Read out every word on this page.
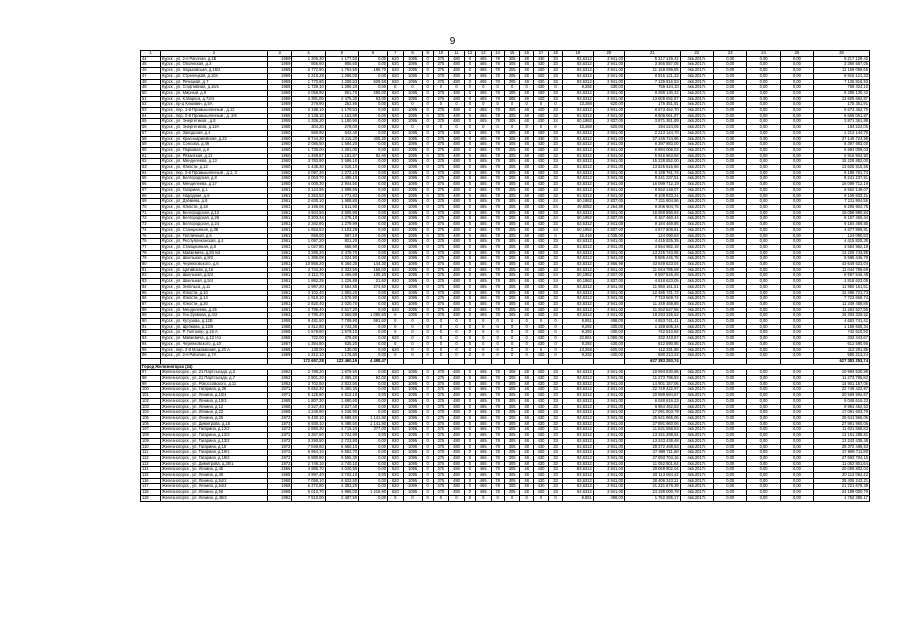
9
1	2	3	4	5	6	7	8	9	10	11	12	13	14	15	16	17	18	19	20	21	22	23	24	25	26
44	Курск , ул. 2-я Рабочая, д.1Б	1959	1 206,30	1 177,50	0,00	620	1095	0	375	480	0	465	78	305	48	430	33	83,6312	3 941,00	5 217 129,42	4кв.2017г.	0,00	0,00	0,00	5 217 129,42
45	Курск , ул. Обоянская, д.3	1959	855,60	855,60	0,00	620	1095	0	375	480	0	465	78	305	48	430	33	83,6312	3 941,00	3 366 557,05	4кв.2017г.	0,00	0,00	0,00	3 366 557,05
46	Курск , ул. Харьковская, д.15/2	1959	2 772,90	1 763,50	189,70	620	1095	0	375	480	0	465	78	305	48	430	33	83,6312	3 941,00	11 159 099,65	4кв.2017г.	0,00	0,00	0,00	11 159 099,65
47	Курск , ул. Стрелецкая, д.104	1959	2 216,28	1 286,00	0,00	620	1095	0	375	480	0	465	78	305	48	430	33	83,6312	3 941,00	8 915 121,33	4кв.2017г.	0,00	0,00	0,00	8 915 121,33
48	Курск , ул. Речицкая, д.7	1959	1 770,80	1 208,53	529,68	620	1095	0	375	480	0	465	78	305	48	430	33	83,6312	3 941,00	7 125 816,53	4кв.2017г.	0,00	0,00	0,00	7 125 816,53
49	Курск , ул. Спортивная, д.16/1	1959	1 729,10	1 296,20	0,00	0	0	0	0	0	0	0	0	0	0	430	0	9,292	430,00	759 424,10	4кв.2017г.	0,00	0,00	0,00	759 424,10
50	Курск , ул. Мирный, д.9	1959	2 059,90	861,70	285,00	620	1095	0	375	480	0	465	78	305	48	430	33	83,6312	3 941,00	8 289 130,42	4кв.2017г.	0,00	0,00	0,00	8 289 130,42
51	Курск , ул. К.Маркса, д.72/4	1958	3 381,00	2 475,30	63,00	620	1095	0	375	480	0	465	78	305	48	430	33	83,6312	3 941,00	13 609 692,87	4кв.2017г.	0,00	0,00	0,00	13 609 692,87
52	Курск , пр-д Клюквин, д.5А	1959	276,90	252,90	0,00	620	0	0	0	0	0	0	0	0	0	0	0	13,268	620,00	175 351,91	4кв.2017г.	0,00	0,00	0,00	175 351,91
53	Курск , пер. 1-й Промышленный , д.12	1958	2 199,10	1 179,53	0,00	620	1095	0	375	480	0	465	78	305	48	430	33	83,6312	3 941,00	8 673 462,70	4кв.2017г.	0,00	0,00	0,00	8 673 462,70
54	Курск , пер. 2-й Промышленный , д. 2/6	1958	2 138,10	1 162,90	0,00	620	1095	0	375	480	0	465	78	305	48	430	33	83,6312	3 941,00	8 606 061,87	4кв.2017г.	0,00	0,00	0,00	8 606 061,87
55	Курск , ул. Энергетиков , д.8	1959	1 336,20	1 180,90	0,00	620	1095	0	375	480	0	465	78	305	48	430	24	60,1962	2 837,00	3 871 361,89	4кв.2017г.	0,00	0,00	0,00	3 871 361,89
56	Курск , ул. Энергетиков, д.12А	1958	304,20	278,00	0,00	620	0	0	0	0	0	0	0	0	0	0	0	13,268	620,00	194 224,05	4кв.2017г.	0,00	0,00	0,00	194 224,05
57	Курск , ул. Заводская, д.4	1960	569,90	542,40	0,00	620	1095	0	375	480	0	465	78	305	48	430	33	83,6312	3 941,00	2 213 144,70	4кв.2017г.	0,00	0,00	0,00	2 213 144,70
58	Курск , ул. Красноармейская, д.22	1960	6 744,30	6 115,20	408,20	620	1095	0	375	480	0	465	78	305	48	430	33	83,6312	3 941,00	27 145 724,96	4кв.2017г.	0,00	0,00	0,00	27 145 724,96
59	Курск , ул. Сонсова, д.48	1960	2 086,50	1 584,20	0,00	620	1095	0	375	480	0	465	78	305	48	430	33	83,6312	3 941,00	8 397 983,00	4кв.2017г.	0,00	0,00	0,00	8 397 983,00
60	Курск , ул. Парковая, д.8	1960	1 739,00	1 291,00	0,00	620	1095	0	375	480	0	465	78	305	48	430	33	83,6312	3 941,00	6 994 009,03	4кв.2017г.	0,00	0,00	0,00	6 994 009,03
61	Курск , ул. Рязанская, д.11	1960	1 469,87	1 181,57	82,40	620	1095	0	375	480	0	465	78	305	48	430	33	83,6312	3 941,00	5 915 963,92	4кв.2017г.	0,00	0,00	0,00	5 915 963,92
62	Курск , ул. Менделеева, д.13	1960	3 783,90	2 596,10	0,00	620	1095	0	375	480	0	465	78	305	48	430	33	83,6312	3 941,00	15 228 852,00	4кв.2017г.	0,00	0,00	0,00	15 228 852,00
63	Курск , ул. Юности, д.12	1960	1 435,30	1 016,10	0,00	620	1095	0	375	480	0	465	78	305	48	430	33	83,6312	3 941,00	13 825 815,56	4кв.2017г.	0,00	0,00	0,00	13 825 815,56
64	Курск , пер. 2-й Промышленный , д.1, 3	1960	2 097,30	1 272,10	0,00	620	1095	0	375	480	0	465	78	305	48	430	33	83,6312	3 941,00	8 189 761,74	4кв.2017г.	0,00	0,00	0,00	8 189 761,74
65	Курск , ул. Белгородская, д.8	1960	2 063,70	1 498,10	0,00	620	1095	0	375	480	0	465	78	305	48	430	33	83,6312	3 941,00	8 241 237,51	4кв.2017г.	0,00	0,00	0,00	8 241 237,51
66	Курск , ул. Менделеева, д.17	1960	4 008,30	2 944,50	0,00	620	1095	0	375	480	0	465	78	305	48	430	33	83,6312	3 941,00	16 099 712,19	4кв.2017г.	0,00	0,00	0,00	16 099 712,19
67	Курск , ул. Гагарина, д.1	1961	2 124,95	1 999,65	0,00	620	1095	0	375	480	0	465	78	305	48	430	33	83,6312	3 941,00	8 552 149,07	4кв.2017г.	0,00	0,00	0,00	8 552 149,07
68	Курск , ул. Народная, д.6	1961	2 263,52	1 771,82	0,00	620	1095	0	375	480	0	465	78	305	48	430	33	83,6312	3 941,00	9 109 833,21	4кв.2017г.	0,00	0,00	0,00	9 109 833,21
69	Курск , ул. Дзёмина, д.8	1961	2 630,10	1 588,80	0,00	620	1095	0	375	480	0	465	78	305	48	430	24	60,1962	2 837,00	7 211 904,56	4кв.2017г.	0,00	0,00	0,00	7 211 904,56
70	Курск , ул. Юности, д.18	1961	2 195,06	1 511,90	0,00	620	1095	0	375	480	0	465	78	305	48	430	24	49,6082	2 254,89	9 206 904,75	4кв.2017г.	0,00	0,00	0,00	9 206 904,75
71	Курск , ул. Белгородская, д.13	1961	4 504,50	3 505,80	0,00	620	1095	0	375	480	0	465	78	305	48	430	33	83,6312	3 941,00	18 059 890,84	4кв.2017г.	0,00	0,00	0,00	18 059 890,84
72	Курск , ул. Белгородская, д.28	1961	2 203,34	1 275,18	0,00	620	1095	0	375	480	0	465	78	305	48	430	24	60,1962	2 837,00	6 167 460,44	4кв.2017г.	0,00	0,00	0,00	6 167 460,44
73	Курск , ул. Белгородская, д.24	1961	2 282,80	1 279,99	0,00	620	1095	0	375	480	0	465	78	305	48	430	33	83,6312	3 941,00	9 184 469,85	4кв.2017г.	0,00	0,00	0,00	9 184 469,85
74	Курск , ул. Станционная, д.38	1961	1 653,63	1 103,28	0,00	620	1095	0	375	480	0	465	78	305	48	430	24	60,1962	2 837,00	4 677 808,81	4кв.2017г.	0,00	0,00	0,00	4 677 808,81
75	Курск , ул. Тепличный, д.5	1961	659,00	687,10	0,00	620	1095	0	375	480	0	465	78	305	48	430	0	16,416	1 035,00	124 090,83	4кв.2017г.	0,00	0,00	0,00	124 090,83
76	Курск , ул. Республиканская, д.4	1961	1 097,20	821,20	0,00	620	1095	0	375	480	0	465	78	305	48	430	33	83,6312	3 941,00	4 415 825,35	4кв.2017г.	0,00	0,00	0,00	4 415 825,35
77	Курск , ул. Станционная, д.8	1961	1 027,80	658,90	0,00	620	1095	0	375	480	0	465	78	305	48	430	33	83,6312	3 941,00	3 554 982,19	4кв.2017г.	0,00	0,00	0,00	3 554 982,19
78	Курск , ул. Майкевича, д.83 /к2	1961	3 285,20	2 478,70	0,00	620	1095	0	375	480	0	465	78	305	48	430	33	83,6312	3 941,00	13 225 743,85	4кв.2017г.	0,00	0,00	0,00	13 225 743,85
79	Курск , ул. Шкельная, д.8/2	1961	1 386,08	1 024,90	0,00	620	1095	0	375	480	0	465	78	305	48	430	33	83,6312	3 941,00	5 585 446,78	4кв.2017г.	0,00	0,00	0,00	5 585 446,78
80	Курск , ул. Черняховского, д.6	1961	10 865,20	8 360,30	144,30	620	1095	0	375	480	0	465	78	305	48	430	33	83,6312	3 956,96	43 649 623,04	4кв.2017г.	0,00	0,00	0,00	43 649 623,04
81	Курск , ул. Цатийская, д.16	1961	2 744,30	2 323,50	156,00	620	1095	0	375	480	0	465	78	305	48	430	33	83,6312	3 941,00	11 044 785,69	4кв.2017г.	0,00	0,00	0,00	11 044 785,69
82	Курск , ул. Шкельная, д.5/3	1961	3 112,70	2 465,68	100,20	620	1095	0	375	480	0	465	78	305	48	430	24	60,1962	2 837,00	8 597 546,48	4кв.2017г.	0,00	0,00	0,00	8 597 546,48
83	Курск , ул. Шкельная, д.5/4	1961	1 862,25	1 226,88	21,60	620	1095	0	375	480	0	465	78	305	48	430	24	60,1962	2 837,00	4 818 623,05	4кв.2017г.	0,00	0,00	0,00	4 818 623,05
84	Курск , ул. Энгельса, д.11	1961	2 997,20	2 554,85	274,50	620	1095	0	375	480	0	465	78	305	48	430	33	83,6312	3 941,00	11 950 161,51	4кв.2017г.	0,00	0,00	0,00	11 950 161,51
85	Курск , ул. Юности, д.10	1961	3 102,40	1 853,20	0,00	620	1095	0	375	480	0	465	78	305	48	430	33	83,6312	3 941,00	12 485 721,73	4кв.2017г.	0,00	0,00	0,00	12 485 721,73
86	Курск , ул. Юности, д.14	1961	1 919,10	1 576,80	0,00	620	1095	0	375	480	0	465	78	305	48	430	33	83,6312	3 941,00	7 723 669,74	4кв.2017г.	0,00	0,00	0,00	7 723 669,74
87	Курск , ул. Юности, д.20	1961	2 820,40	2 020,70	0,00	620	1095	0	375	480	0	465	78	305	48	430	33	83,6312	3 941,00	11 349 459,85	4кв.2017г.	0,00	0,00	0,00	11 349 459,85
88	Курск , ул. Менделеева, д.25	1961	2 798,40	2 617,20	0,00	620	1095	0	375	480	0	465	78	305	48	430	33	83,6312	3 941,00	11 262 527,95	4кв.2017г.	0,00	0,00	0,00	11 262 527,95
89	Курск , ул. Ген.Зуевова, д.4/2	1964	4 790,40	3 560,88	1 085,60	0	1095	0	375	480	0	465	78	305	48	430	33	83,6312	3 941,00	19 293 326,52	4кв.2017г.	0,00	0,00	0,00	19 293 326,52
90	Курск , ул. Кутузова, д.12В	1958	9 481,50	7 709,90	691,60	0	0	0	0	0	0	0	0	0	0	0	0	9,651	498,00	4 653 741,41	4кв.2017г.	0,00	0,00	0,00	4 653 741,41
91	Курск , ул. Щепкина, д.12/6	1958	3 312,80	2 743,36	0,00	0	0	0	0	0	0	0	0	0	0	430	0	9,292	430,00	1 159 605,34	4кв.2017г.	0,00	0,00	0,00	1 159 605,34
92	Курск , ул. Р. Голгохер, д.18 А	1958	1 579,80	1 579,10	0,00	0	0	0	0	0	0	0	0	0	0	430	0	9,292	430,00	742 610,92	4кв.2017г.	0,00	0,00	0,00	742 610,92
93	Курск , ул. Майкевича, д.13 /А1	1958	722,00	475,60	0,00	620	0	0	0	0	0	0	0	0	0	430	0	22,561	1 050,00	332 443,67	4кв.2017г.	0,00	0,00	0,00	332 443,67
94	Курск , ул. Черняховского, д.10	1957	1 394,80	625,20	0,00	0	0	0	0	0	0	0	0	0	0	430	0	9,292	430,00	612 590,95	4кв.2017г.	0,00	0,00	0,00	612 590,95
95	Курск , пер. 2-й Можаевский, д.20 А	1958	130,00	130,00	0,00	620	0	0	0	0	0	0	0	0	0	0	0	13,268	620,00	112 291,85	4кв.2017г.	0,00	0,00	0,00	112 291,85
96	Курск , ул. 2-я Рабочая, д.7А	1959	1 312,10	1 176,80	0,00	0	0	0	0	0	0	0	0	0	0	430	0	9,292	430,00	580 213,24	4кв.2017г.	0,00	0,00	0,00	580 213,24
			172 657,28	123 460,16	4 498,47															627 383 253,74					627 383 253,74
Город Железногорск (24)																									
97	Железногорск , ул. 21 Партсъезда, д.3	1962	2 789,20	1 679,50	0,00	620	1095	0	375	480	0	465	78	305	48	430	33	83,6312	3 941,00	10 993 530,95	4кв.2017г.	0,00	0,00	0,00	10 993 530,95
98	Железногорск , ул. 21 Партсъезда, д.7	1962	2 801,20	2 355,20	62,00	620	1095	0	375	480	0	465	78	305	48	430	33	83,6312	3 941,00	11 273 796,82	4кв.2017г.	0,00	0,00	0,00	11 273 796,82
99	Железногорск , ул. Рокоссовского, д.11	1962	3 702,50	2 822,50	0,00	620	1095	0	375	480	0	465	78	305	48	430	33	83,6312	3 941,00	14 901 157,06	4кв.2017г.	0,00	0,00	0,00	14 901 157,06
100	Железногорск , ул. Гагарина, д.38	1971	5 652,30	5 460,30	0,00	620	1095	0	375	480	0	465	78	305	48	430	33	83,6312	3 941,00	22 749 422,97	4кв.2017г.	0,00	0,00	0,00	22 749 422,97
101	Железногорск , ул. Ленина, д.10/4	1971	5 125,80	4 812,10	0,00	620	1095	0	375	480	0	465	78	305	48	430	33	83,6312	3 941,00	20 589 594,67	4кв.2017г.	0,00	0,00	0,00	20 589 594,67
102	Железногорск , ул. Ленина, д.10/2	1968	1 807,30	1 680,60	0,00	620	1095	0	375	480	0	465	78	305	48	430	33	83,6312	3 941,00	6 048 616,23	4кв.2017г.	0,00	0,00	0,00	6 048 616,23
103	Железногорск , ул. Ленина, д.12	1968	2 227,40	2 227,40	0,00	620	1095	0	375	480	0	465	78	305	48	430	33	83,6312	3 941,00	8 964 462,53	4кв.2017г.	0,00	0,00	0,00	8 964 462,53
104	Железногорск , ул. Ленина, д.22	1968	4 246,90	4 246,90	0,00	620	1095	0	375	480	0	465	78	305	48	430	33	83,6312	3 941,00	17 091 603,79	4кв.2017г.	0,00	0,00	0,00	17 091 603,79
105	Железногорск , ул. Ленина, д.25	1973	6 430,10	5 688,50	1 141,90	620	1095	0	375	480	0	465	78	305	48	430	33	83,6312	3 941,00	25 641 965,06	4кв.2017г.	0,00	0,00	0,00	25 641 965,06
106	Железногорск , ул. Димитрова, д.15	1973	6 930,10	5 488,50	1 141,90	620	1095	0	375	480	0	465	78	305	48	430	33	83,6312	3 941,00	27 891 960,06	4кв.2017г.	0,00	0,00	0,00	27 891 960,06
107	Железногорск , ул. Гагарина, д.12/2	1973	2 890,30	2 715,20	377,00	620	1095	0	375	480	0	465	78	305	48	430	33	83,6312	3 941,00	11 631 568,83	4кв.2017г.	0,00	0,00	0,00	11 631 568,83
108	Железногорск , ул. Гагарина, д.12/3	1972	3 267,60	2 724,90	0,00	620	1095	0	375	480	0	465	78	305	48	430	33	83,6312	3 941,00	13 151 288,81	4кв.2017г.	0,00	0,00	0,00	13 151 288,81
109	Железногорск , ул. Гагарина, д.13/2	1972	3 290,50	2 723,80	0,00	620	1095	0	375	480	0	465	78	305	48	430	33	83,6312	3 941,00	13 243 438,48	4кв.2017г.	0,00	0,00	0,00	13 243 438,48
110	Железногорск , ул. Гагарина, д.15	1972	7 049,60	6 660,10	0,00	620	1095	0	375	480	0	465	78	305	48	430	33	83,6312	3 941,00	28 372 488,53	4кв.2017г.	0,00	0,00	0,00	28 372 488,53
111	Железногорск , ул. Гагарина, д.19/1	1972	6 954,10	6 562,70	0,00	620	1095	0	375	480	0	465	78	305	48	430	33	83,6312	3 941,00	27 988 711,80	4кв.2017г.	0,00	0,00	0,00	27 988 711,80
112	Железногорск , ул. Гагарина, д.19/2	1972	6 880,80	6 555,30	0,00	620	1095	0	375	480	0	465	78	305	48	430	33	83,6312	3 941,00	27 693 704,16	4кв.2017г.	0,00	0,00	0,00	27 693 704,16
113	Железногорск , ул. Димитрова, д.26/1	1972	2 746,10	2 740,10	0,00	620	1095	0	375	480	0	465	78	305	48	430	33	83,6312	3 941,00	11 052 801,64	4кв.2017г.	0,00	0,00	0,00	11 052 801,64
114	Железногорск , ул. Ленина, д.45	1966	4 986,70	3 040,90	0,00	620	1095	0	375	480	0	465	78	305	48	430	33	83,6312	3 941,00	20 069 802,04	4кв.2017г.	0,00	0,00	0,00	20 069 802,04
115	Железногорск , ул. Ленина, д.48	1968	4 997,40	3 702,10	0,00	620	1095	0	375	480	0	465	78	305	48	430	33	83,6312	3 941,00	20 113 064,42	4кв.2017г.	0,00	0,00	0,00	20 113 064,42
116	Железногорск , ул. Ленина, д.54/1	1968	7 058,10	6 633,50	0,00	620	1095	0	375	480	0	465	78	305	48	430	33	83,6312	3 941,00	28 406 243,21	4кв.2017г.	0,00	0,00	0,00	28 406 243,21
117	Железногорск , ул. Ленина, д.54/2	1968	5 272,80	4 383,20	0,00	620	1095	0	375	480	0	465	78	305	48	430	33	83,6312	3 941,00	21 221 678,39	4кв.2017г.	0,00	0,00	0,00	21 221 678,39
118	Железногорск , ул. Ленина, д.56	1968	6 013,70	4 995,00	1 219,90	620	1095	0	375	480	0	465	78	305	48	430	33	83,6312	3 941,00	24 199 000,79	4кв.2017г.	0,00	0,00	0,00	24 199 000,79
119	Железногорск , ул. Ленина, д.45/3	1992	7 510,00	2 487,50	0,00	0	0	0	0	0	0	0	0	0	0	0	0	9,651	498,00	1 762 385,17	4кв.2017г.	0,00	0,00	0,00	1 762 385,17
